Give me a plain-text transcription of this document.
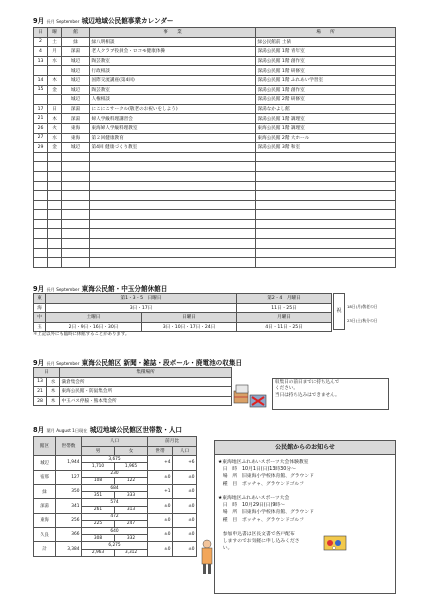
9月 長月 September 城辺地域公民館事業カレンダー
日	曜	館	事　　業	場　　所
2	土	緑	緑八明相談	緑公民館前 土俵
4	月	深湯	老人クラブ役員会・ロコモ健康体操	深湯公民館 1階 青年室
13	水	城辺	陶芸教室	深湯公民館 1階 創作室
		城辺	行政相談	深湯公民館 1階 研修室
14	木	城辺	国際交流講座(第4回)	深湯公民館 1階 ふれあい学習室
15	金	城辺	陶芸教室	深湯公民館 1階 創作室
		城辺	人権相談	深湯公民館 2階 研修室
17	日	深湯	にこにこサークル(敬老のお祝いをしよう)	深湯なかよし館
21	木	深湯	婦人学級料理講習会	深湯公民館 1階 調理室
26	火	東海	東海婦人学級料理教室	東海公民館 1階 調理室
27	水	東海	第２回健康教育	東海公民館 2階 大ホール
29	金	城辺	第4回 健康づくり教室	深湯公民館 3階 和室

9月 長月 September 東海公民館・中玉分館休館日
東	第1・3・5　日曜日		第2・4　月曜日
海	3日・17日		11日・25日
中	土曜日	日曜日	月曜日
玉	2日・9日・16日・30日	3日・10日・17日・24日	4日・11日・25日
祝
18日(月)敬老の日
23日(土)秋分の日
＊上記以外にも臨時に休館することがあります。
9月 長月 September 東海公民館区 新聞・雑誌・段ボール・廃電池の収集日
日		集積場所
13	水	満倉集会所
21	木	東海公民館・防鼠集会所
28	木	中玉バス停脇・熊本集会所
収集日の前日までに持ち込んで
ください。
当日は持ち込みはできません。
8月 葉月 August 1日現在 城辺地域公民館区世帯数・人口
館区	世帯数	人口		前月比	
		男	女	世帯	人口
城辺	1,944	3,675		+4	+6
		1,710	1,965		
宿那	127	230		±0	±0
		108	122		
緑	350	684		+1	±0
		351	333		
深湯	341	574		±0	±0
		261	313		
東海	256	472		±0	±0
		225	247		
久良	366	640		±0	±0
		308	332		
計	3,384	6,275		±0	±0
		2,963	3,312		
公民館からのお知らせ
★東海地区ふれあいスポーツ大会体験教室
　日　時　10月1日(日)13時30分～
　場　所　旧東海小学校体育館、グラウンド
　種　目　ボッチャ、グラウンドゴルフ
★東海地区ふれあいスポーツ大会
　日　時　10月29日(日)9時～
　場　所　旧東海小学校体育館、グラウンド
　種　目　ボッチャ、グラウンドゴルフ
　参加申込書は区長文書で各戸配布
　しますのでお気軽に申し込みくださ
　い。
